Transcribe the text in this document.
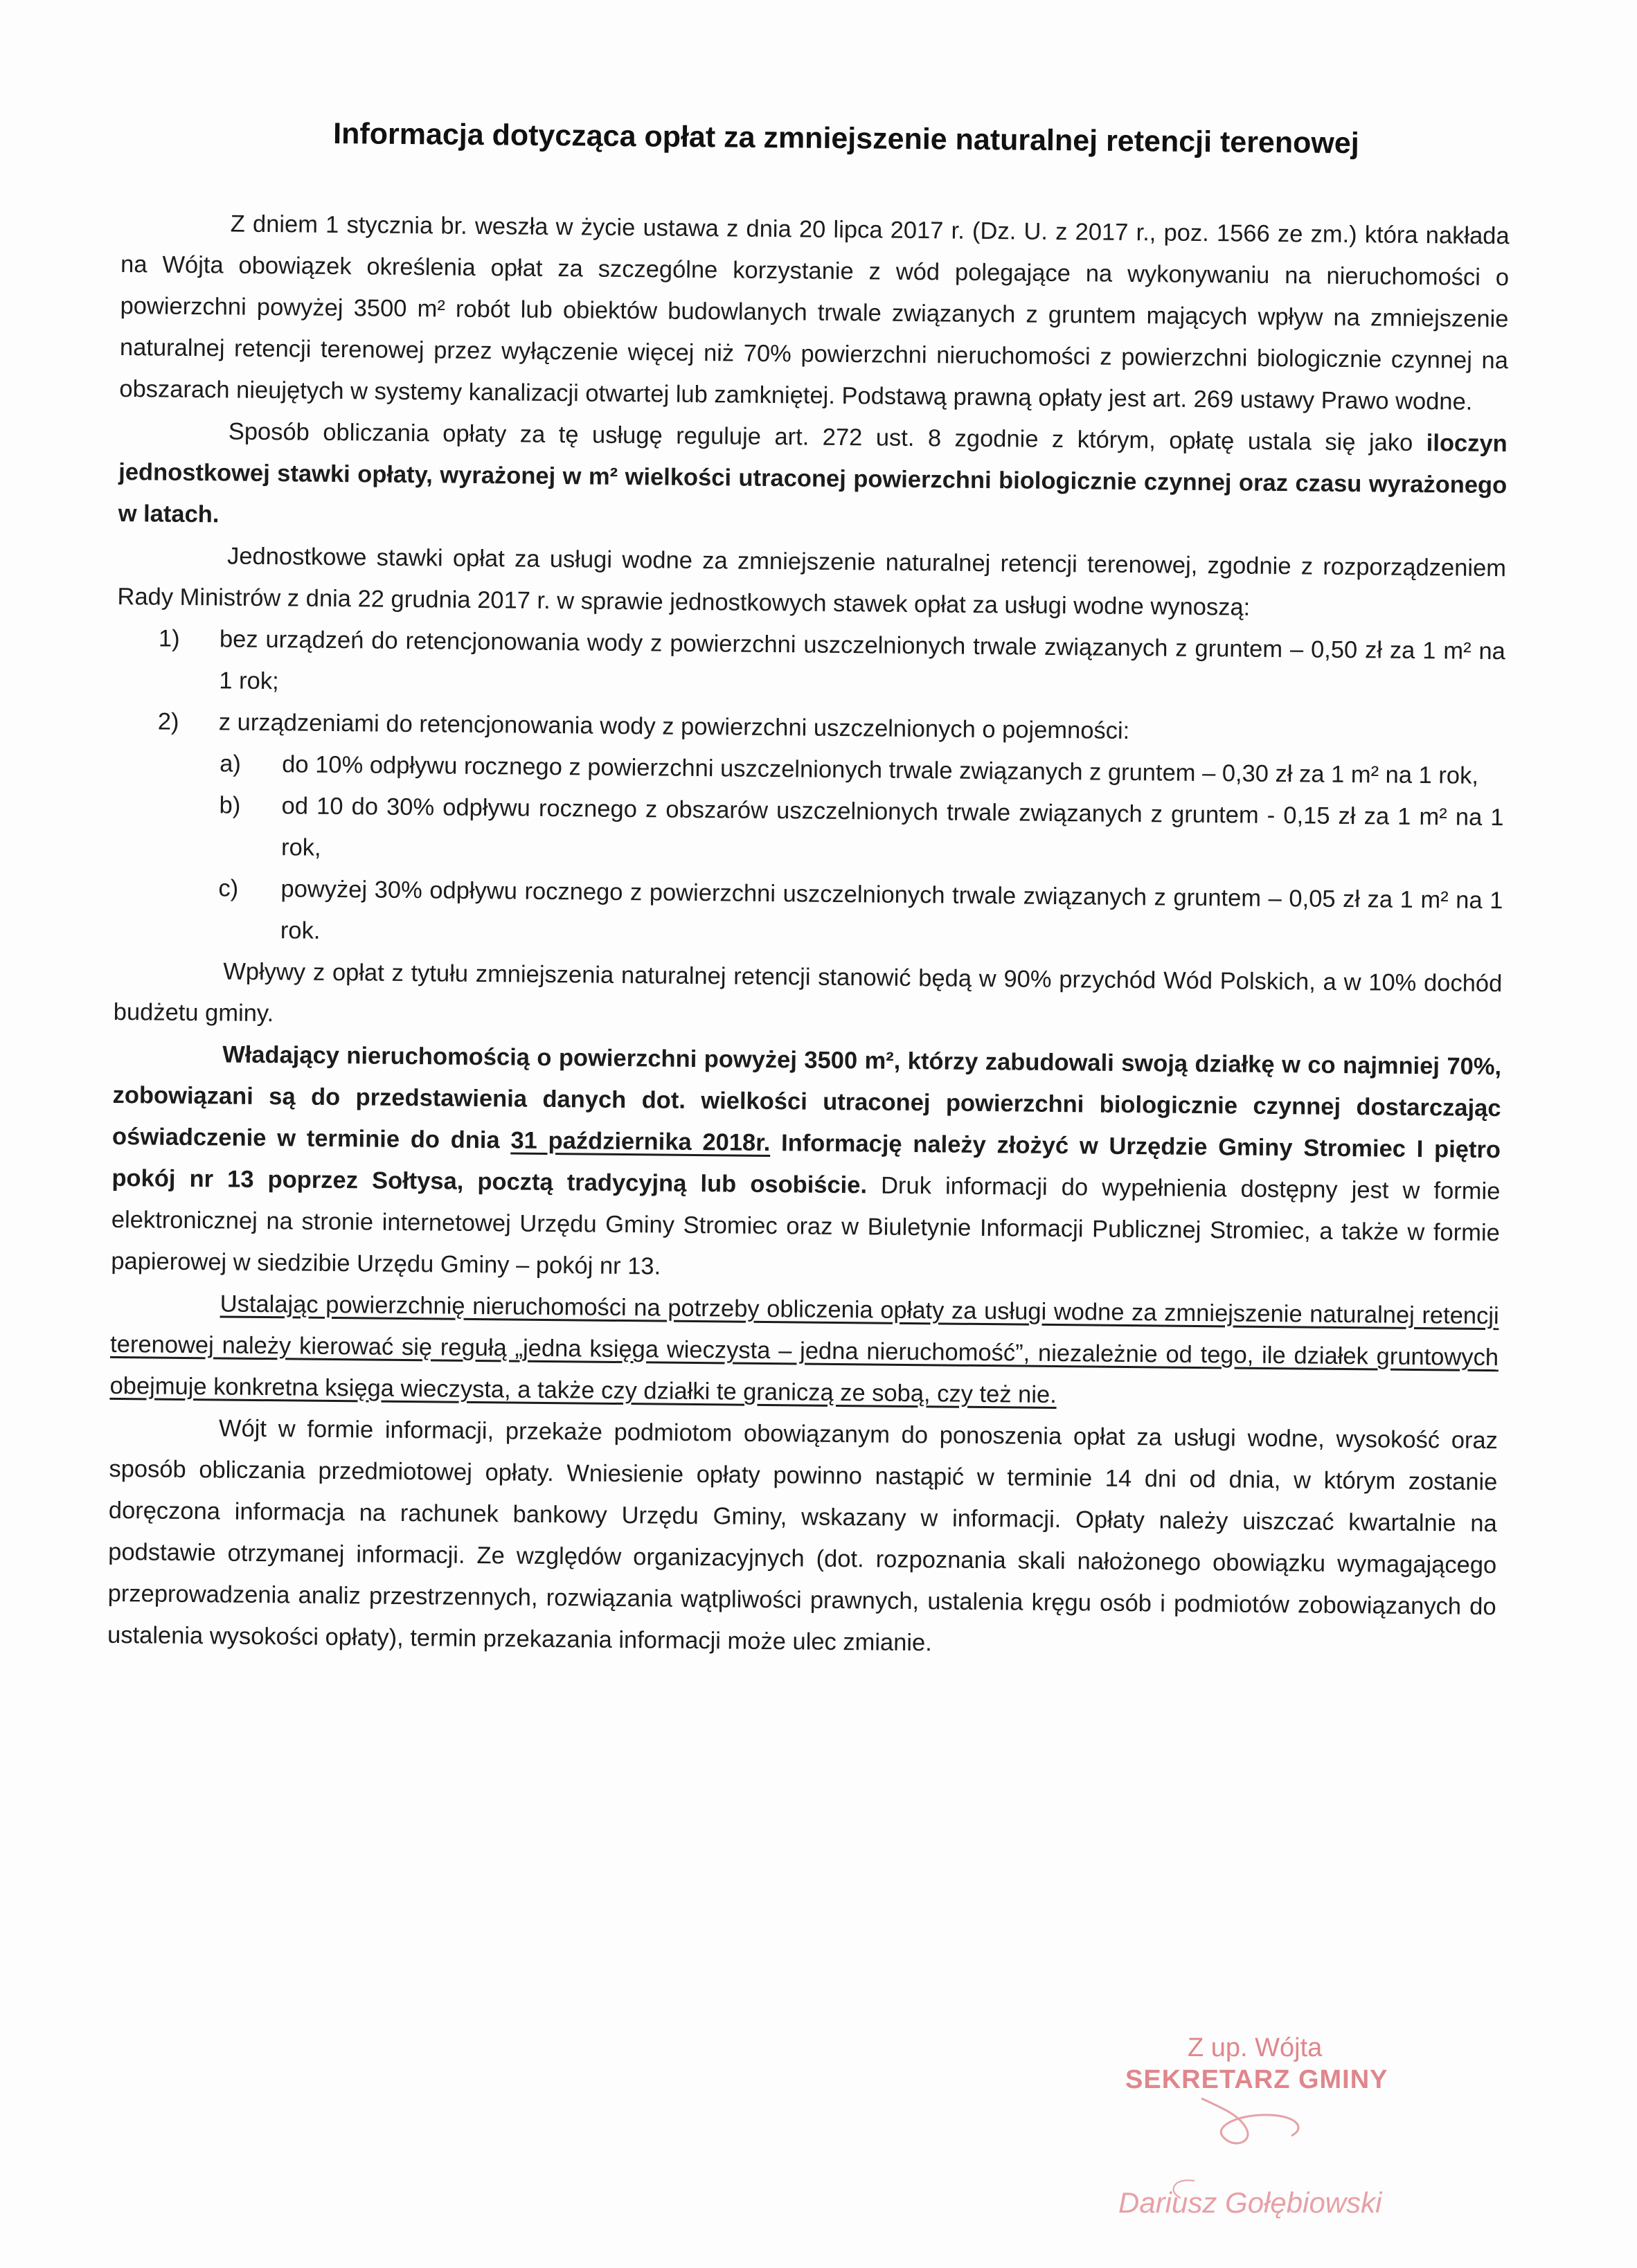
Informacja dotycząca opłat za zmniejszenie naturalnej retencji terenowej

Z dniem 1 stycznia br. weszła w życie ustawa z dnia 20 lipca 2017 r. (Dz. U. z 2017 r., poz. 1566 ze zm.) która nakłada na Wójta obowiązek określenia opłat za szczególne korzystanie z wód polegające na wykonywaniu na nieruchomości o powierzchni powyżej 3500 m² robót lub obiektów budowlanych trwale związanych z gruntem mających wpływ na zmniejszenie naturalnej retencji terenowej przez wyłączenie więcej niż 70% powierzchni nieruchomości z powierzchni biologicznie czynnej na obszarach nieujętych w systemy kanalizacji otwartej lub zamkniętej. Podstawą prawną opłaty jest art. 269 ustawy Prawo wodne.

Sposób obliczania opłaty za tę usługę reguluje art. 272 ust. 8 zgodnie z którym, opłatę ustala się jako iloczyn jednostkowej stawki opłaty, wyrażonej w m² wielkości utraconej powierzchni biologicznie czynnej oraz czasu wyrażonego w latach.

Jednostkowe stawki opłat za usługi wodne za zmniejszenie naturalnej retencji terenowej, zgodnie z rozporządzeniem Rady Ministrów z dnia 22 grudnia 2017 r. w sprawie jednostkowych stawek opłat za usługi wodne wynoszą:

1) bez urządzeń do retencjonowania wody z powierzchni uszczelnionych trwale związanych z gruntem – 0,50 zł za 1 m² na 1 rok;
2) z urządzeniami do retencjonowania wody z powierzchni uszczelnionych o pojemności:
a) do 10% odpływu rocznego z powierzchni uszczelnionych trwale związanych z gruntem – 0,30 zł za 1 m² na 1 rok,
b) od 10 do 30% odpływu rocznego z obszarów uszczelnionych trwale związanych z gruntem - 0,15 zł za 1 m² na 1 rok,
c) powyżej 30% odpływu rocznego z powierzchni uszczelnionych trwale związanych z gruntem – 0,05 zł za 1 m² na 1 rok.

Wpływy z opłat z tytułu zmniejszenia naturalnej retencji stanowić będą w 90% przychód Wód Polskich, a w 10% dochód budżetu gminy.

Władający nieruchomością o powierzchni powyżej 3500 m², którzy zabudowali swoją działkę w co najmniej 70%, zobowiązani są do przedstawienia danych dot. wielkości utraconej powierzchni biologicznie czynnej dostarczając oświadczenie w terminie do dnia 31 października 2018r. Informację należy złożyć w Urzędzie Gminy Stromiec I piętro pokój nr 13 poprzez Sołtysa, pocztą tradycyjną lub osobiście. Druk informacji do wypełnienia dostępny jest w formie elektronicznej na stronie internetowej Urzędu Gminy Stromiec oraz w Biuletynie Informacji Publicznej Stromiec, a także w formie papierowej w siedzibie Urzędu Gminy – pokój nr 13.

Ustalając powierzchnię nieruchomości na potrzeby obliczenia opłaty za usługi wodne za zmniejszenie naturalnej retencji terenowej należy kierować się regułą „jedna księga wieczysta – jedna nieruchomość”, niezależnie od tego, ile działek gruntowych obejmuje konkretna księga wieczysta, a także czy działki te graniczą ze sobą, czy też nie.

Wójt w formie informacji, przekaże podmiotom obowiązanym do ponoszenia opłat za usługi wodne, wysokość oraz sposób obliczania przedmiotowej opłaty. Wniesienie opłaty powinno nastąpić w terminie 14 dni od dnia, w którym zostanie doręczona informacja na rachunek bankowy Urzędu Gminy, wskazany w informacji. Opłaty należy uiszczać kwartalnie na podstawie otrzymanej informacji. Ze względów organizacyjnych (dot. rozpoznania skali nałożonego obowiązku wymagającego przeprowadzenia analiz przestrzennych, rozwiązania wątpliwości prawnych, ustalenia kręgu osób i podmiotów zobowiązanych do ustalenia wysokości opłaty), termin przekazania informacji może ulec zmianie.

Z up. Wójta
SEKRETARZ GMINY
Dariusz Gołębiowski
